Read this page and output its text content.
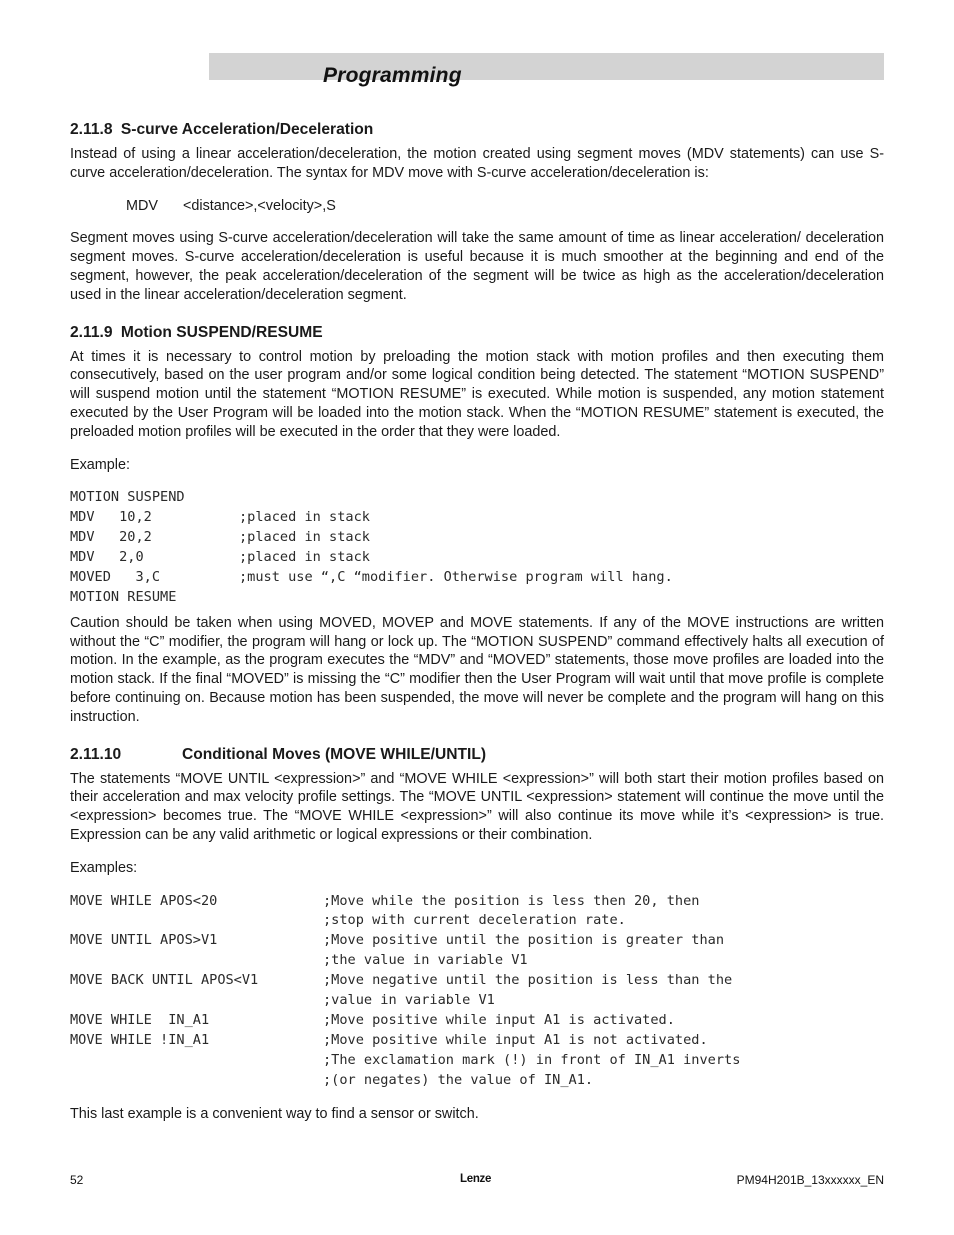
Programming
2.11.8 S-curve Acceleration/Deceleration

Instead of using a linear acceleration/deceleration, the motion created using segment moves (MDV statements) can use S-curve acceleration/deceleration. The syntax for MDV move with S-curve acceleration/deceleration is:

MDV <distance>,<velocity>,S

Segment moves using S-curve acceleration/deceleration will take the same amount of time as linear acceleration/ deceleration segment moves. S-curve acceleration/deceleration is useful because it is much smoother at the beginning and end of the segment, however, the peak acceleration/deceleration of the segment will be twice as high as the acceleration/deceleration used in the linear acceleration/deceleration segment.

2.11.9 Motion SUSPEND/RESUME

At times it is necessary to control motion by preloading the motion stack with motion profiles and then executing them consecutively, based on the user program and/or some logical condition being detected. The statement “MOTION SUSPEND” will suspend motion until the statement “MOTION RESUME” is executed. While motion is suspended, any motion statement executed by the User Program will be loaded into the motion stack. When the “MOTION RESUME” statement is executed, the preloaded motion profiles will be executed in the order that they were loaded.

Example:

MOTION SUSPEND
MDV   10,2	;placed in stack
MDV   20,2	;placed in stack
MDV   2,0	;placed in stack
MOVED   3,C	;must use “,C “modifier. Otherwise program will hang.
MOTION RESUME

Caution should be taken when using MOVED, MOVEP and MOVE statements. If any of the MOVE instructions are written without the “C” modifier, the program will hang or lock up. The “MOTION SUSPEND” command effectively halts all execution of motion. In the example, as the program executes the “MDV” and “MOVED” statements, those move profiles are loaded into the motion stack. If the final “MOVED” is missing the “C” modifier then the User Program will wait until that move profile is complete before continuing on. Because motion has been suspended, the move will never be complete and the program will hang on this instruction.

2.11.10	Conditional Moves (MOVE WHILE/UNTIL)

The statements “MOVE UNTIL <expression>” and “MOVE WHILE <expression>” will both start their motion profiles based on their acceleration and max velocity profile settings. The “MOVE UNTIL <expression> statement will continue the move until the <expression> becomes true. The “MOVE WHILE <expression>” will also continue its move while it’s <expression> is true. Expression can be any valid arithmetic or logical expressions or their combination.

Examples:

MOVE WHILE APOS<20	;Move while the position is less then 20, then
;stop with current deceleration rate.
MOVE UNTIL APOS>V1	;Move positive until the position is greater than
;the value in variable V1
MOVE BACK UNTIL APOS<V1	;Move negative until the position is less than the
;value in variable V1
MOVE WHILE  IN_A1	;Move positive while input A1 is activated.
MOVE WHILE !IN_A1	;Move positive while input A1 is not activated.
;The exclamation mark (!) in front of IN_A1 inverts
;(or negates) the value of IN_A1.

This last example is a convenient way to find a sensor or switch.

52	Lenze	PM94H201B_13xxxxxx_EN
